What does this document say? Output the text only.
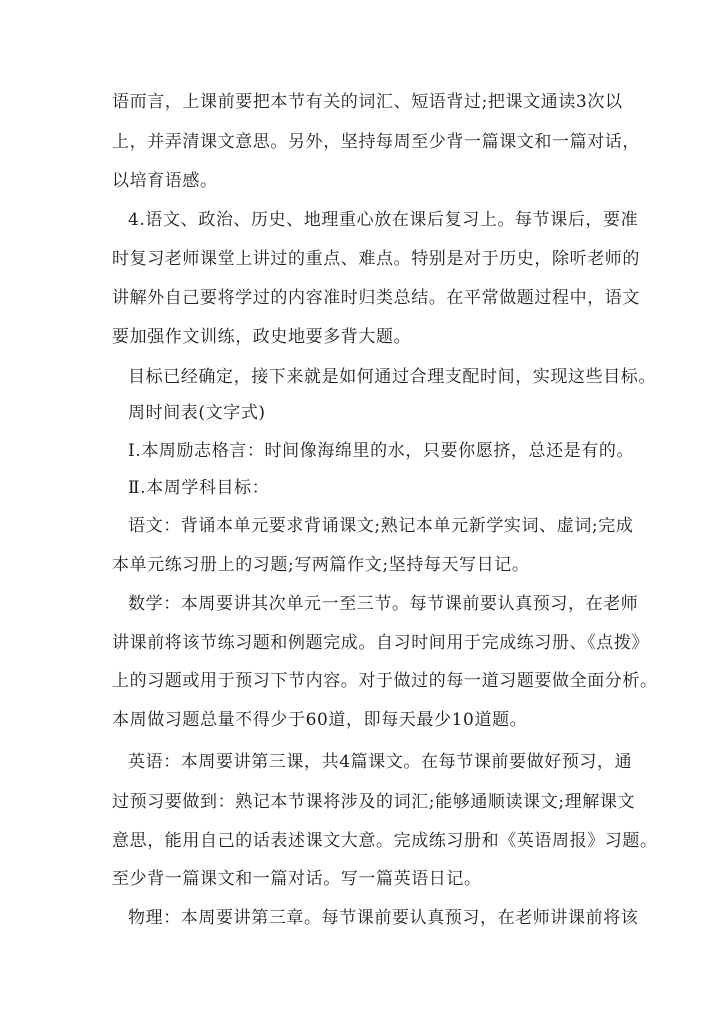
语而言，上课前要把本节有关的词汇、短语背过;把课文通读3次以
上，并弄清课文意思。另外，坚持每周至少背一篇课文和一篇对话，
以培育语感。
4.语文、政治、历史、地理重心放在课后复习上。每节课后，要准
时复习老师课堂上讲过的重点、难点。特别是对于历史，除听老师的
讲解外自己要将学过的内容准时归类总结。在平常做题过程中，语文
要加强作文训练，政史地要多背大题。
目标已经确定，接下来就是如何通过合理支配时间，实现这些目标。
周时间表(文字式)
Ⅰ.本周励志格言：时间像海绵里的水，只要你愿挤，总还是有的。
Ⅱ.本周学科目标：
语文：背诵本单元要求背诵课文;熟记本单元新学实词、虚词;完成
本单元练习册上的习题;写两篇作文;坚持每天写日记。
数学：本周要讲其次单元一至三节。每节课前要认真预习，在老师
讲课前将该节练习题和例题完成。自习时间用于完成练习册、《点拨》
上的习题或用于预习下节内容。对于做过的每一道习题要做全面分析。
本周做习题总量不得少于60道，即每天最少10道题。
英语：本周要讲第三课，共4篇课文。在每节课前要做好预习，通
过预习要做到：熟记本节课将涉及的词汇;能够通顺读课文;理解课文
意思，能用自己的话表述课文大意。完成练习册和《英语周报》习题。
至少背一篇课文和一篇对话。写一篇英语日记。
物理：本周要讲第三章。每节课前要认真预习，在老师讲课前将该
